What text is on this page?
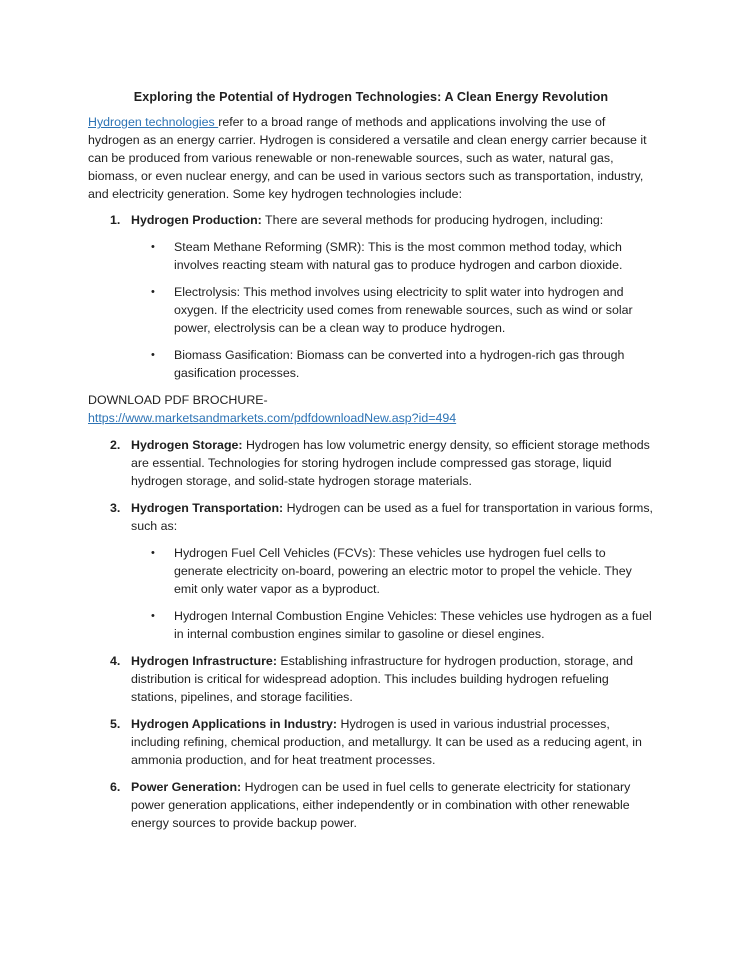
Exploring the Potential of Hydrogen Technologies: A Clean Energy Revolution

Hydrogen technologies refer to a broad range of methods and applications involving the use of hydrogen as an energy carrier. Hydrogen is considered a versatile and clean energy carrier because it can be produced from various renewable or non-renewable sources, such as water, natural gas, biomass, or even nuclear energy, and can be used in various sectors such as transportation, industry, and electricity generation. Some key hydrogen technologies include:

1. Hydrogen Production: There are several methods for producing hydrogen, including:
• Steam Methane Reforming (SMR): This is the most common method today, which involves reacting steam with natural gas to produce hydrogen and carbon dioxide.
• Electrolysis: This method involves using electricity to split water into hydrogen and oxygen. If the electricity used comes from renewable sources, such as wind or solar power, electrolysis can be a clean way to produce hydrogen.
• Biomass Gasification: Biomass can be converted into a hydrogen-rich gas through gasification processes.
DOWNLOAD PDF BROCHURE-
https://www.marketsandmarkets.com/pdfdownloadNew.asp?id=494
2. Hydrogen Storage: Hydrogen has low volumetric energy density, so efficient storage methods are essential. Technologies for storing hydrogen include compressed gas storage, liquid hydrogen storage, and solid-state hydrogen storage materials.
3. Hydrogen Transportation: Hydrogen can be used as a fuel for transportation in various forms, such as:
• Hydrogen Fuel Cell Vehicles (FCVs): These vehicles use hydrogen fuel cells to generate electricity on-board, powering an electric motor to propel the vehicle. They emit only water vapor as a byproduct.
• Hydrogen Internal Combustion Engine Vehicles: These vehicles use hydrogen as a fuel in internal combustion engines similar to gasoline or diesel engines.
4. Hydrogen Infrastructure: Establishing infrastructure for hydrogen production, storage, and distribution is critical for widespread adoption. This includes building hydrogen refueling stations, pipelines, and storage facilities.
5. Hydrogen Applications in Industry: Hydrogen is used in various industrial processes, including refining, chemical production, and metallurgy. It can be used as a reducing agent, in ammonia production, and for heat treatment processes.
6. Power Generation: Hydrogen can be used in fuel cells to generate electricity for stationary power generation applications, either independently or in combination with other renewable energy sources to provide backup power.
